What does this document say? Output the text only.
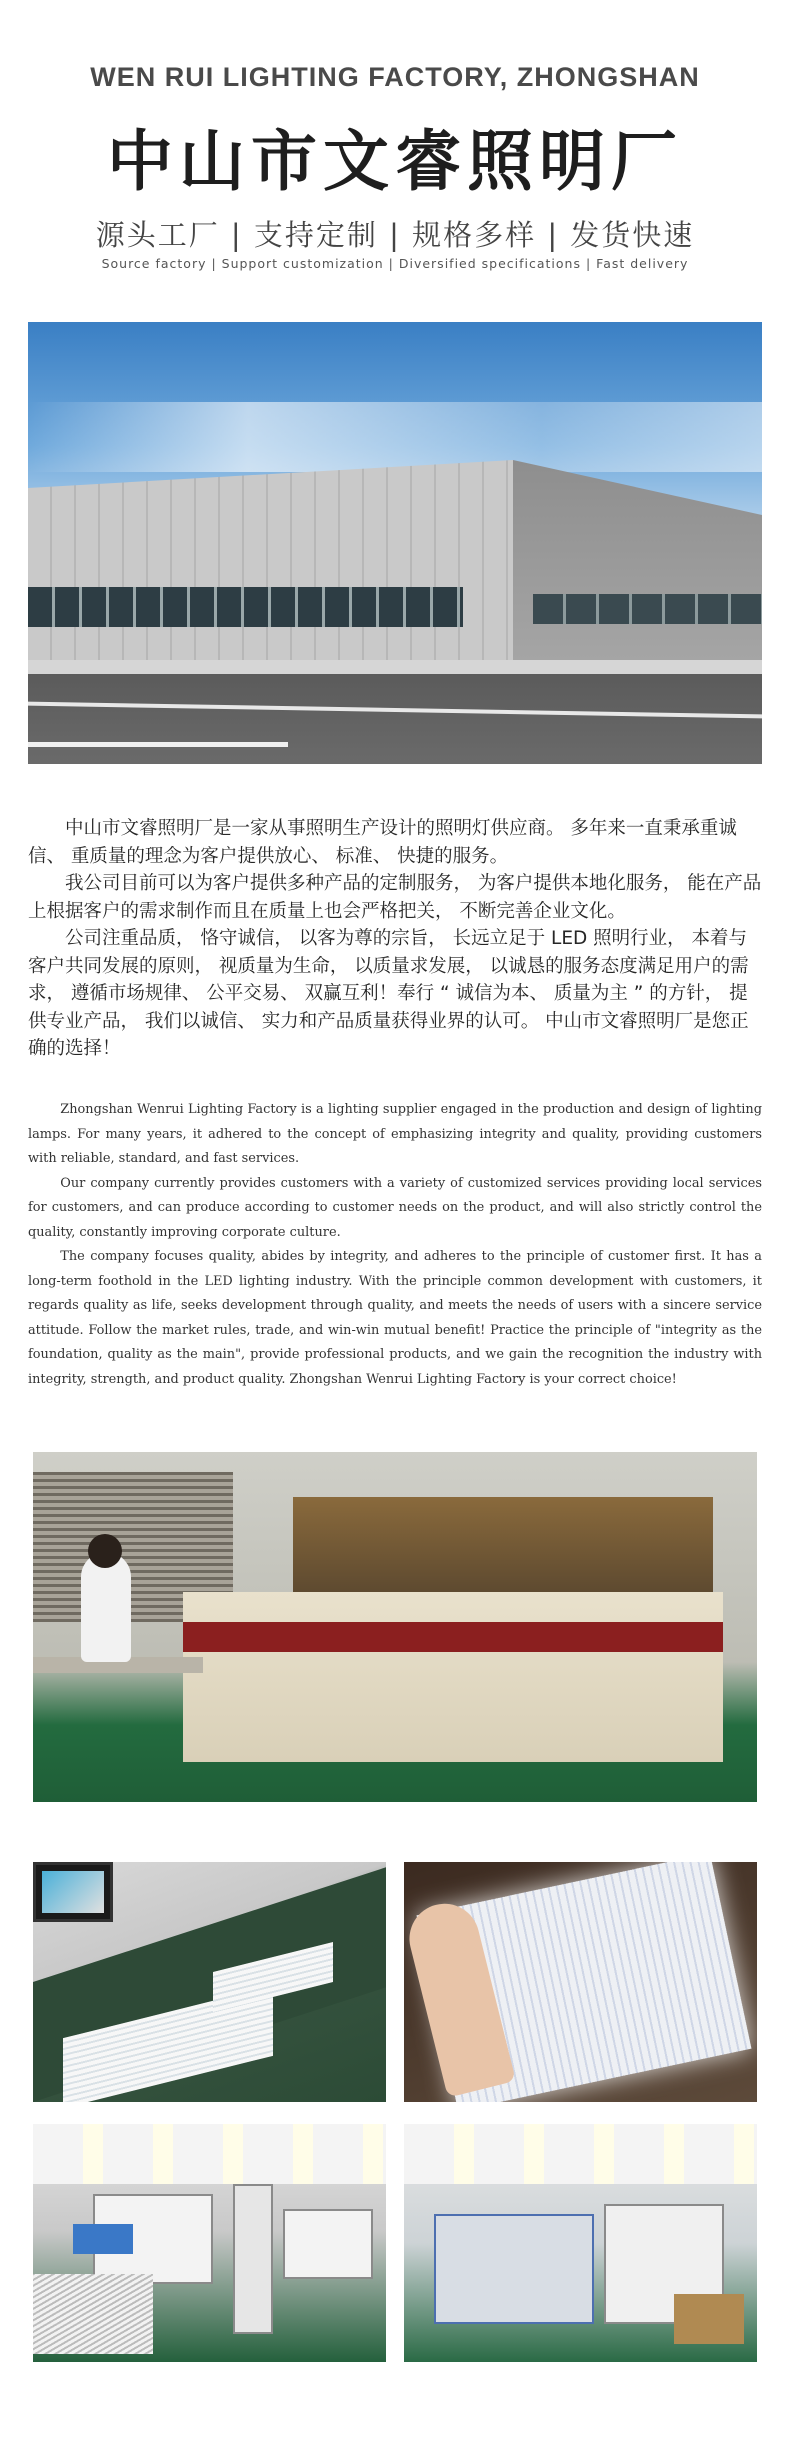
WEN RUI LIGHTING FACTORY, ZHONGSHAN
中山市文睿照明厂
源头工厂 | 支持定制 | 规格多样 | 发货快速
Source factory | Support customization | Diversified specifications | Fast delivery

中山市文睿照明厂是一家从事照明生产设计的照明灯供应商。 多年来一直秉承重诚信、 重质量的理念为客户提供放心、 标准、 快捷的服务。

我公司目前可以为客户提供多种产品的定制服务， 为客户提供本地化服务， 能在产品上根据客户的需求制作而且在质量上也会严格把关， 不断完善企业文化。

公司注重品质， 恪守诚信， 以客为尊的宗旨， 长远立足于 LED 照明行业， 本着与客户共同发展的原则， 视质量为生命， 以质量求发展， 以诚恳的服务态度满足用户的需求， 遵循市场规律、 公平交易、 双赢互利！奉行 “ 诚信为本、 质量为主 ” 的方针， 提供专业产品， 我们以诚信、 实力和产品质量获得业界的认可。 中山市文睿照明厂是您正确的选择！

Zhongshan Wenrui Lighting Factory is a lighting supplier engaged in the production and design of lighting lamps. For many years, it adhered to the concept of emphasizing integrity and quality, providing customers with reliable, standard, and fast services.

Our company currently provides customers with a variety of customized services providing local services for customers, and can produce according to customer needs on the product, and will also strictly control the quality, constantly improving corporate culture.

The company focuses quality, abides by integrity, and adheres to the principle of customer first. It has a long-term foothold in the LED lighting industry. With the principle common development with customers, it regards quality as life, seeks development through quality, and meets the needs of users with a sincere service attitude. Follow the market rules, trade, and win-win mutual benefit! Practice the principle of "integrity as the foundation, quality as the main", provide professional products, and we gain the recognition the industry with integrity, strength, and product quality. Zhongshan Wenrui Lighting Factory is your correct choice!
